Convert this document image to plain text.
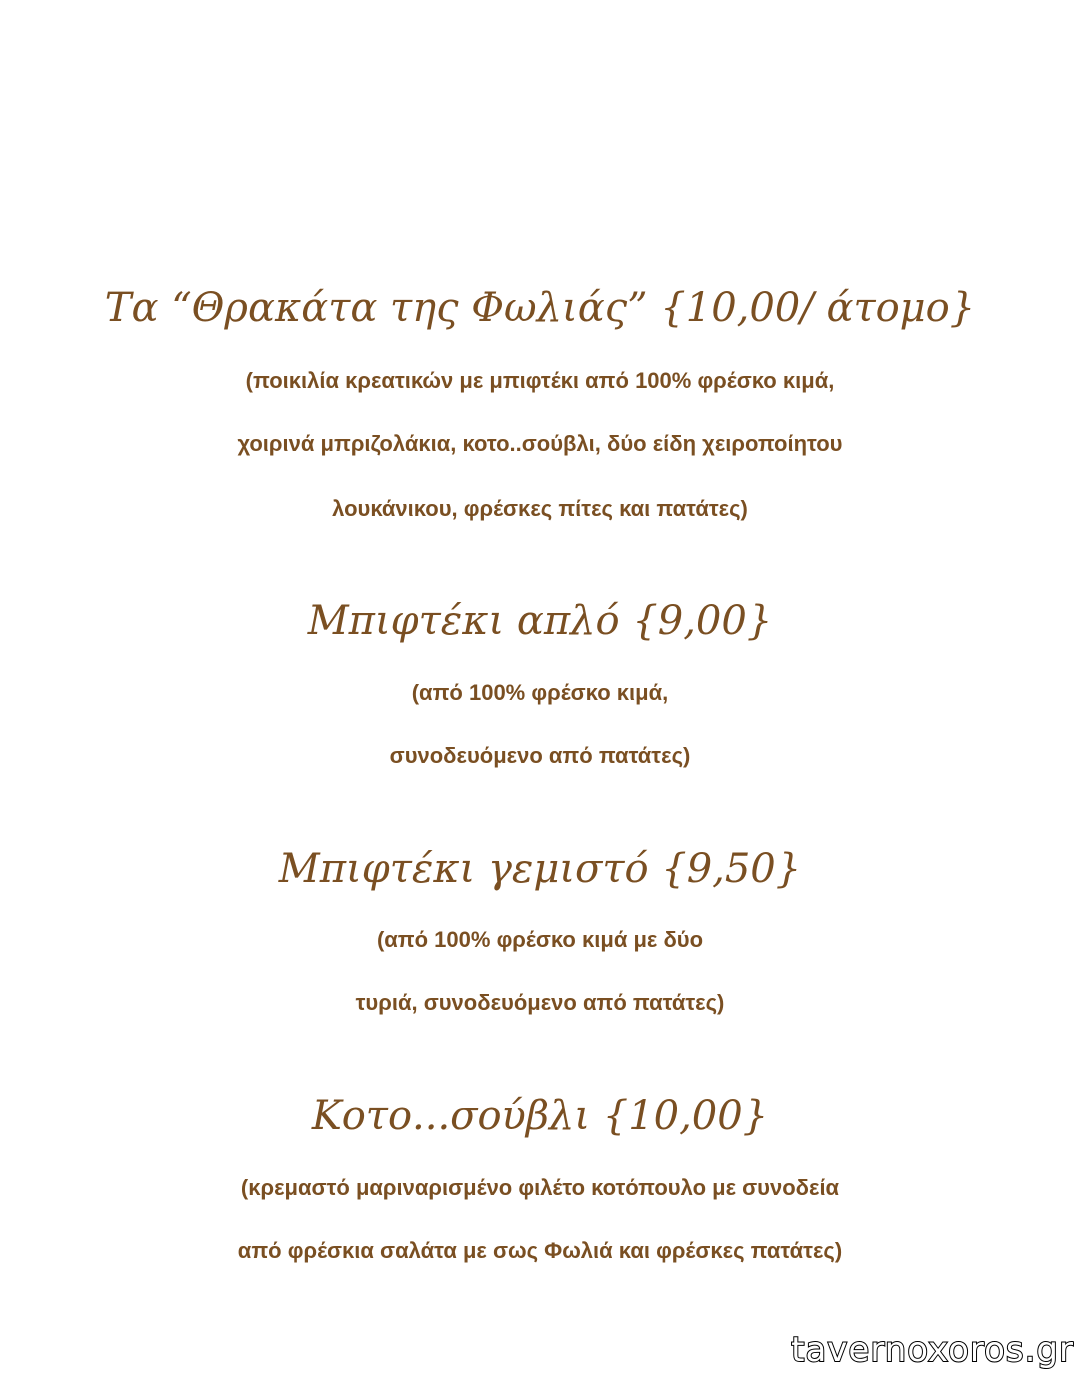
Τα “Θρακάτα της Φωλιάς” {10,00/ άτομο}
(ποικιλία κρεατικών με μπιφτέκι από 100% φρέσκο κιμά,
χοιρινά μπριζολάκια, κοτο..σούβλι, δύο είδη χειροποίητου
λουκάνικου, φρέσκες πίτες και πατάτες)
Μπιφτέκι απλό {9,00}
(από 100% φρέσκο κιμά,
συνοδευόμενο από πατάτες)
Μπιφτέκι γεμιστό {9,50}
(από 100% φρέσκο κιμά με δύο
τυριά, συνοδευόμενο από πατάτες)
Κοτο...σούβλι {10,00}
(κρεμαστό μαριναρισμένο φιλέτο κοτόπουλο με συνοδεία
από φρέσκια σαλάτα με σως Φωλιά και φρέσκες πατάτες)
tavernoxoros.gr
